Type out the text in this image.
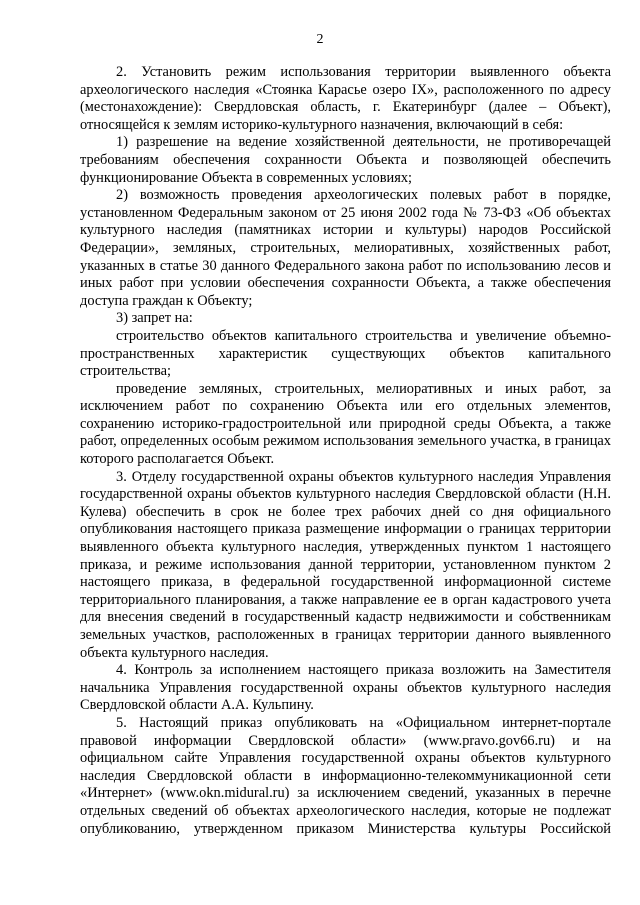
2

2. Установить режим использования территории выявленного объекта археологического наследия «Стоянка Карасье озеро IX», расположенного по адресу (местонахождение): Свердловская область, г. Екатеринбург (далее – Объект), относящейся к землям историко-культурного назначения, включающий в себя:

1) разрешение на ведение хозяйственной деятельности, не противоречащей требованиям обеспечения сохранности Объекта и позволяющей обеспечить функционирование Объекта в современных условиях;

2) возможность проведения археологических полевых работ в порядке, установленном Федеральным законом от 25 июня 2002 года № 73-ФЗ «Об объектах культурного наследия (памятниках истории и культуры) народов Российской Федерации», земляных, строительных, мелиоративных, хозяйственных работ, указанных в статье 30 данного Федерального закона работ по использованию лесов и иных работ при условии обеспечения сохранности Объекта, а также обеспечения доступа граждан к Объекту;

3) запрет на:

строительство объектов капитального строительства и увеличение объемно-пространственных характеристик существующих объектов капитального строительства;

проведение земляных, строительных, мелиоративных и иных работ, за исключением работ по сохранению Объекта или его отдельных элементов, сохранению историко-градостроительной или природной среды Объекта, а также работ, определенных особым режимом использования земельного участка, в границах которого располагается Объект.

3. Отделу государственной охраны объектов культурного наследия Управления государственной охраны объектов культурного наследия Свердловской области (Н.Н. Кулева) обеспечить в срок не более трех рабочих дней со дня официального опубликования настоящего приказа размещение информации о границах территории выявленного объекта культурного наследия, утвержденных пунктом 1 настоящего приказа, и режиме использования данной территории, установленном пунктом 2 настоящего приказа, в федеральной государственной информационной системе территориального планирования, а также направление ее в орган кадастрового учета для внесения сведений в государственный кадастр недвижимости и собственникам земельных участков, расположенных в границах территории данного выявленного объекта культурного наследия.

4. Контроль за исполнением настоящего приказа возложить на Заместителя начальника Управления государственной охраны объектов культурного наследия Свердловской области А.А. Кульпину.

5. Настоящий приказ опубликовать на «Официальном интернет-портале правовой информации Свердловской области» (www.pravo.gov66.ru) и на официальном сайте Управления государственной охраны объектов культурного наследия Свердловской области в информационно-телекоммуникационной сети «Интернет» (www.okn.midural.ru) за исключением сведений, указанных в перечне отдельных сведений об объектах археологического наследия, которые не подлежат опубликованию, утвержденном приказом Министерства культуры Российской
